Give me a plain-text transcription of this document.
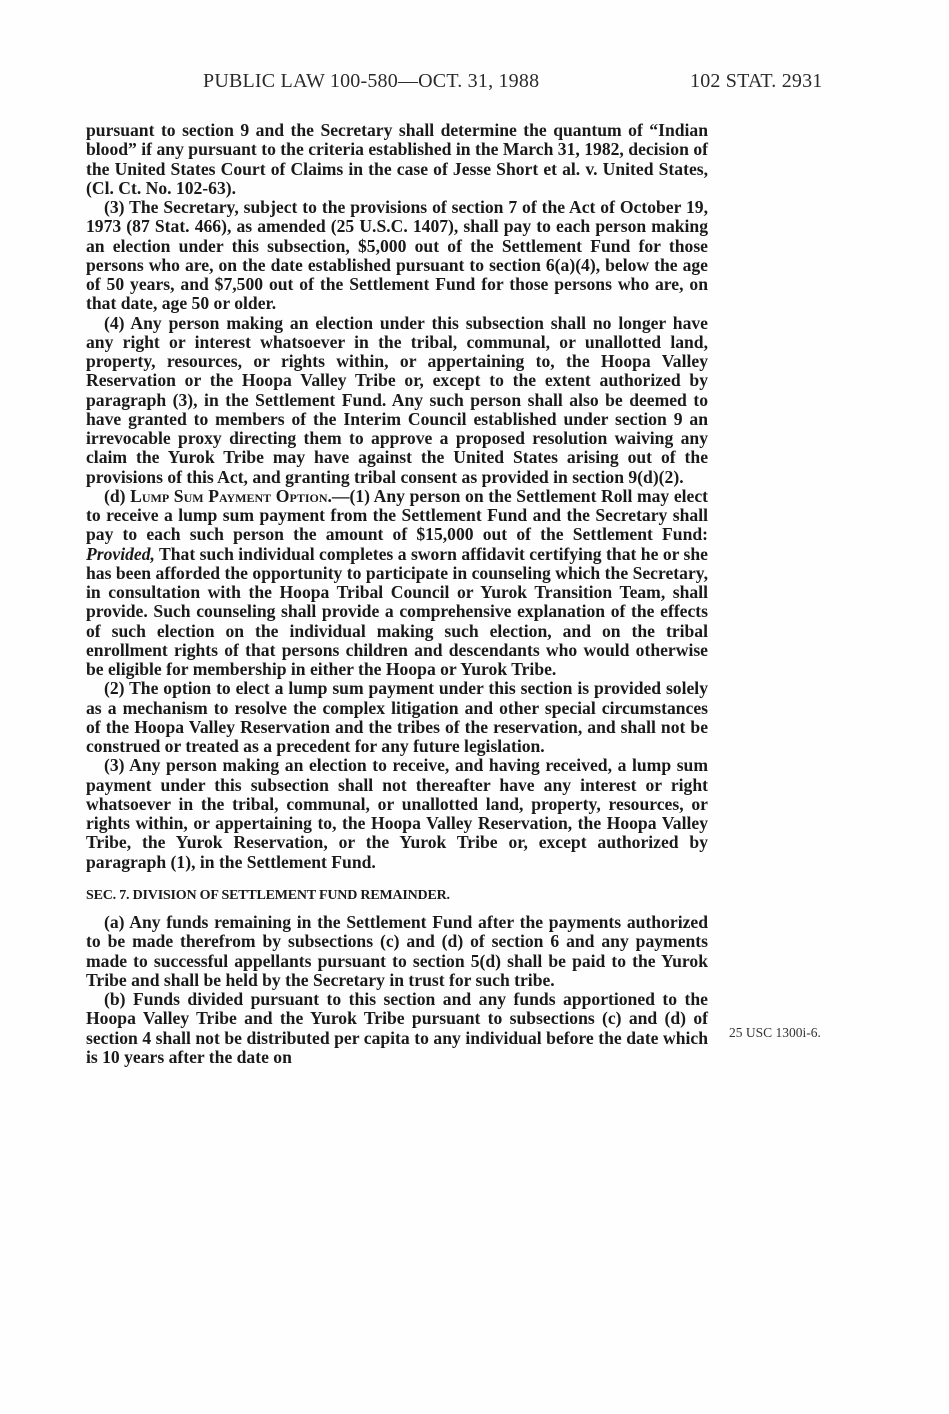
PUBLIC LAW 100-580—OCT. 31, 1988	102 STAT. 2931

pursuant to section 9 and the Secretary shall determine the quantum of “Indian blood” if any pursuant to the criteria established in the March 31, 1982, decision of the United States Court of Claims in the case of Jesse Short et al. v. United States, (Cl. Ct. No. 102-63).

(3) The Secretary, subject to the provisions of section 7 of the Act of October 19, 1973 (87 Stat. 466), as amended (25 U.S.C. 1407), shall pay to each person making an election under this subsection, $5,000 out of the Settlement Fund for those persons who are, on the date established pursuant to section 6(a)(4), below the age of 50 years, and $7,500 out of the Settlement Fund for those persons who are, on that date, age 50 or older.

(4) Any person making an election under this subsection shall no longer have any right or interest whatsoever in the tribal, communal, or unallotted land, property, resources, or rights within, or appertaining to, the Hoopa Valley Reservation or the Hoopa Valley Tribe or, except to the extent authorized by paragraph (3), in the Settlement Fund. Any such person shall also be deemed to have granted to members of the Interim Council established under section 9 an irrevocable proxy directing them to approve a proposed resolution waiving any claim the Yurok Tribe may have against the United States arising out of the provisions of this Act, and granting tribal consent as provided in section 9(d)(2).

(d) Lump Sum Payment Option.—(1) Any person on the Settlement Roll may elect to receive a lump sum payment from the Settlement Fund and the Secretary shall pay to each such person the amount of $15,000 out of the Settlement Fund: Provided, That such individual completes a sworn affidavit certifying that he or she has been afforded the opportunity to participate in counseling which the Secretary, in consultation with the Hoopa Tribal Council or Yurok Transition Team, shall provide. Such counseling shall provide a comprehensive explanation of the effects of such election on the individual making such election, and on the tribal enrollment rights of that persons children and descendants who would otherwise be eligible for membership in either the Hoopa or Yurok Tribe.

(2) The option to elect a lump sum payment under this section is provided solely as a mechanism to resolve the complex litigation and other special circumstances of the Hoopa Valley Reservation and the tribes of the reservation, and shall not be construed or treated as a precedent for any future legislation.

(3) Any person making an election to receive, and having received, a lump sum payment under this subsection shall not thereafter have any interest or right whatsoever in the tribal, communal, or unallotted land, property, resources, or rights within, or appertaining to, the Hoopa Valley Reservation, the Hoopa Valley Tribe, the Yurok Reservation, or the Yurok Tribe or, except authorized by paragraph (1), in the Settlement Fund.

SEC. 7. DIVISION OF SETTLEMENT FUND REMAINDER.

(a) Any funds remaining in the Settlement Fund after the payments authorized to be made therefrom by subsections (c) and (d) of section 6 and any payments made to successful appellants pursuant to section 5(d) shall be paid to the Yurok Tribe and shall be held by the Secretary in trust for such tribe.

(b) Funds divided pursuant to this section and any funds apportioned to the Hoopa Valley Tribe and the Yurok Tribe pursuant to subsections (c) and (d) of section 4 shall not be distributed per capita to any individual before the date which is 10 years after the date on

25 USC 1300i-6.
